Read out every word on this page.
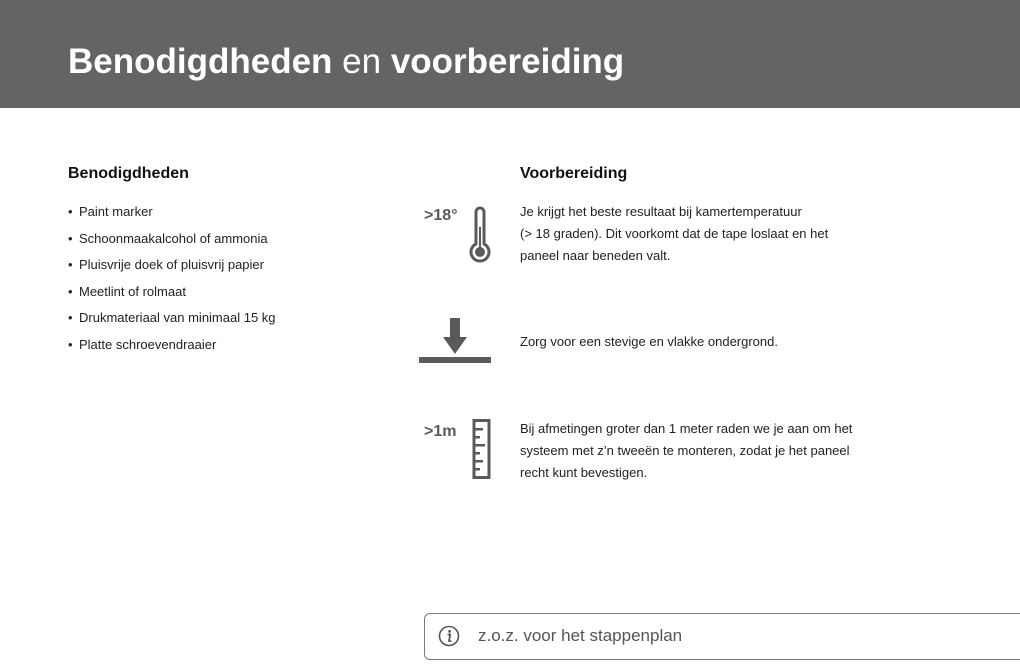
Benodigdheden en voorbereiding
Benodigdheden
• Paint marker
• Schoonmaakalcohol of ammonia
• Pluisvrije doek of pluisvrij papier
• Meetlint of rolmaat
• Drukmateriaal van minimaal 15 kg
• Platte schroevendraaier
Voorbereiding
>18°	Je krijgt het beste resultaat bij kamertemperatuur
(> 18 graden). Dit voorkomt dat de tape loslaat en het
paneel naar beneden valt.
Zorg voor een stevige en vlakke ondergrond.
>1m	Bij afmetingen groter dan 1 meter raden we je aan om het
systeem met z’n tweeën te monteren, zodat je het paneel
recht kunt bevestigen.
z.o.z. voor het stappenplan
